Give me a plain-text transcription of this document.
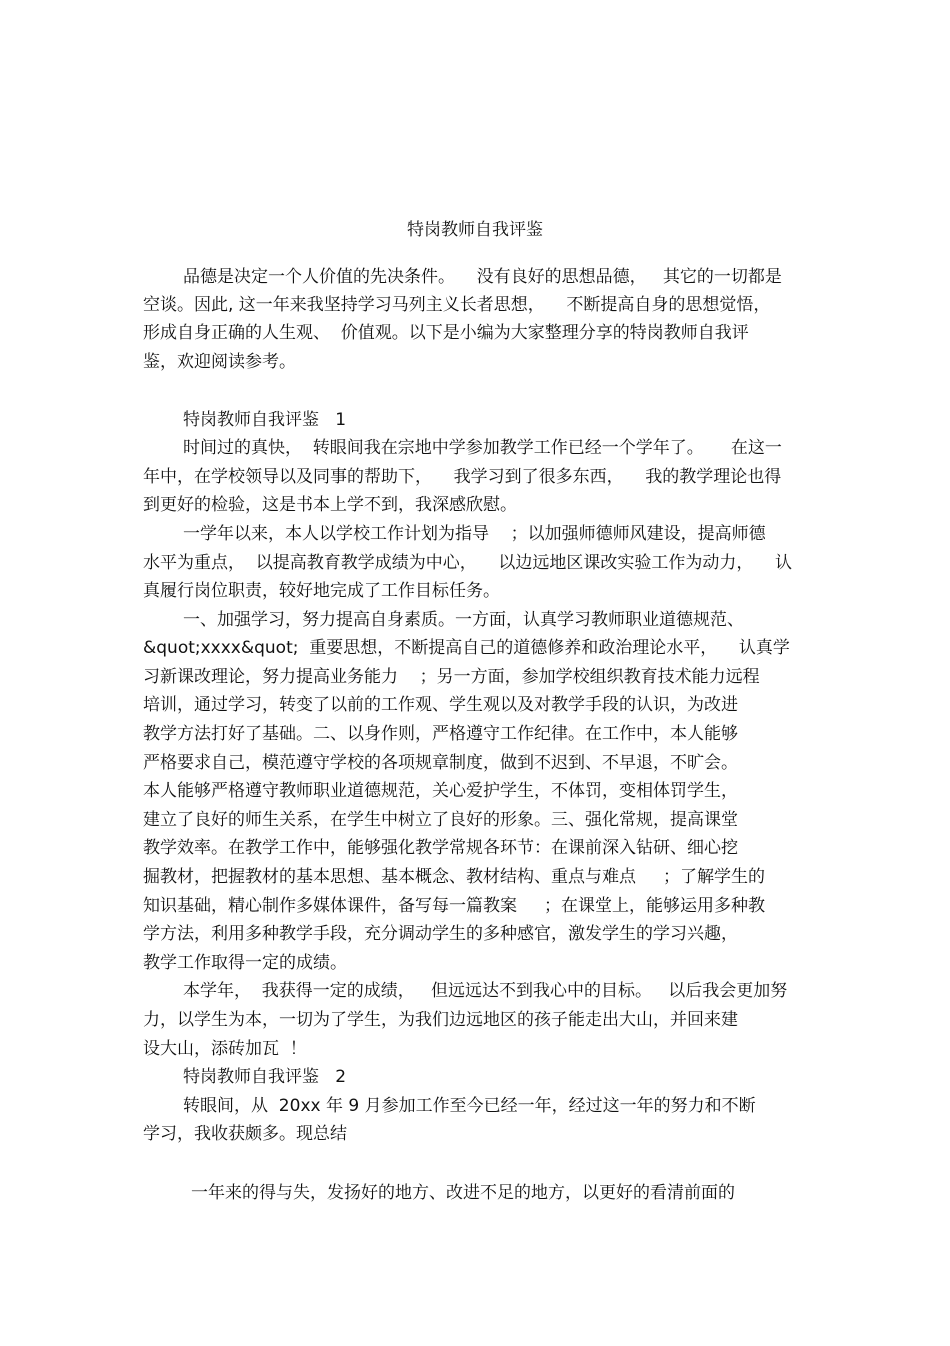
特岗教师自我评鉴
品德是决定一个人价值的先决条件。    没有良好的思想品德，   其它的一切都是
空谈。因此, 这一年来我坚持学习马列主义长者思想，    不断提高自身的思想觉悟，
形成自身正确的人生观、  价值观。以下是小编为大家整理分享的特岗教师自我评
鉴，欢迎阅读参考。
特岗教师自我评鉴   1
时间过的真快，  转眼间我在宗地中学参加教学工作已经一个学年了。     在这一
年中，在学校领导以及同事的帮助下，    我学习到了很多东西，    我的教学理论也得
到更好的检验，这是书本上学不到，我深感欣慰。
一学年以来，本人以学校工作计划为指导    ；以加强师德师风建设，提高师德
水平为重点，  以提高教育教学成绩为中心，    以边远地区课改实验工作为动力，    认
真履行岗位职责，较好地完成了工作目标任务。
一、加强学习，努力提高自身素质。一方面，认真学习教师职业道德规范、
&quot;xxxx&quot;  重要思想，不断提高自己的道德修养和政治理论水平，    认真学
习新课改理论，努力提高业务能力    ；另一方面，参加学校组织教育技术能力远程
培训，通过学习，转变了以前的工作观、学生观以及对教学手段的认识，为改进
教学方法打好了基础。二、以身作则，严格遵守工作纪律。在工作中，本人能够
严格要求自己，模范遵守学校的各项规章制度，做到不迟到、不早退，不旷会。
本人能够严格遵守教师职业道德规范，关心爱护学生，不体罚，变相体罚学生，
建立了良好的师生关系，在学生中树立了良好的形象。三、强化常规，提高课堂
教学效率。在教学工作中，能够强化教学常规各环节：在课前深入钻研、细心挖
掘教材，把握教材的基本思想、基本概念、教材结构、重点与难点     ；了解学生的
知识基础，精心制作多媒体课件，备写每一篇教案     ；在课堂上，能够运用多种教
学方法，利用多种教学手段，充分调动学生的多种感官，激发学生的学习兴趣，
教学工作取得一定的成绩。
本学年，  我获得一定的成绩，   但远远达不到我心中的目标。   以后我会更加努
力，以学生为本，一切为了学生，为我们边远地区的孩子能走出大山，并回来建
设大山，添砖加瓦  ！
特岗教师自我评鉴   2
转眼间，从  20xx 年 9 月参加工作至今已经一年，经过这一年的努力和不断
学习，我收获颇多。现总结
一年来的得与失，发扬好的地方、改进不足的地方，以更好的看清前面的
